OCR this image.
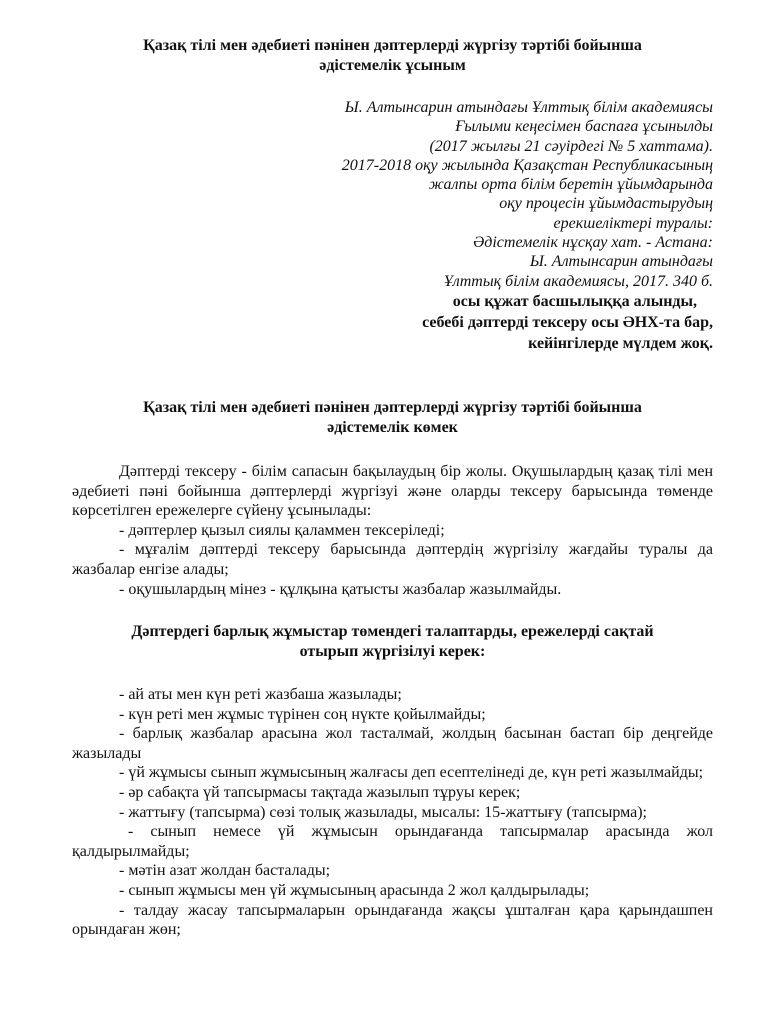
Қазақ тілі мен әдебиеті пәнінен дәптерлерді жүргізу тәртібі бойынша
әдістемелік ұсыным
Ы. Алтынсарин атындағы Ұлттық білім академиясы
Ғылыми кеңесімен баспаға ұсынылды
(2017 жылғы 21 сәуірдегі № 5 хаттама).
2017-2018 оқу жылында Қазақстан Республикасының
жалпы орта білім беретін ұйымдарында
оқу процесін ұйымдастырудың
ерекшеліктері туралы:
Әдістемелік нұсқау хат. - Астана:
Ы. Алтынсарин атындағы
Ұлттық білім академиясы, 2017. 340 б.
осы құжат басшылыққа алынды,
себебі дәптерді тексеру осы ӘНХ-та бар,
кейінгілерде мүлдем жоқ.
Қазақ тілі мен әдебиеті пәнінен дәптерлерді жүргізу тәртібі бойынша
әдістемелік көмек

Дәптерді тексеру - білім сапасын бақылаудың бір жолы. Оқушылардың қазақ тілі мен әдебиеті пәні бойынша дәптерлерді жүргізуі және оларды тексеру барысында төменде көрсетілген ережелерге сүйену ұсынылады:

- дәптерлер қызыл сиялы қаламмен тексеріледі;

- мұғалім дәптерді тексеру барысында дәптердің жүргізілу жағдайы туралы да жазбалар енгізе алады;

- оқушылардың мінез - құлқына қатысты жазбалар жазылмайды.

Дәптердегі барлық жұмыстар төмендегі талаптарды, ережелерді сақтай
отырып жүргізілуі керек:

- ай аты мен күн реті жазбаша жазылады;

- күн реті мен жұмыс түрінен соң нүкте қойылмайды;

- барлық жазбалар арасына жол тасталмай, жолдың басынан бастап бір деңгейде жазылады

- үй жұмысы сынып жұмысының жалғасы деп есептелінеді де, күн реті жазылмайды;

- әр сабақта үй тапсырмасы тақтада жазылып тұруы керек;

- жаттығу (тапсырма) сөзі толық жазылады, мысалы: 15-жаттығу (тапсырма);

- сынып немесе үй жұмысын орындағанда тапсырмалар арасында жол қалдырылмайды;

- мәтін азат жолдан басталады;

- сынып жұмысы мен үй жұмысының арасында 2 жол қалдырылады;

- талдау жасау тапсырмаларын орындағанда жақсы ұшталған қара қарындашпен орындаған жөн;
